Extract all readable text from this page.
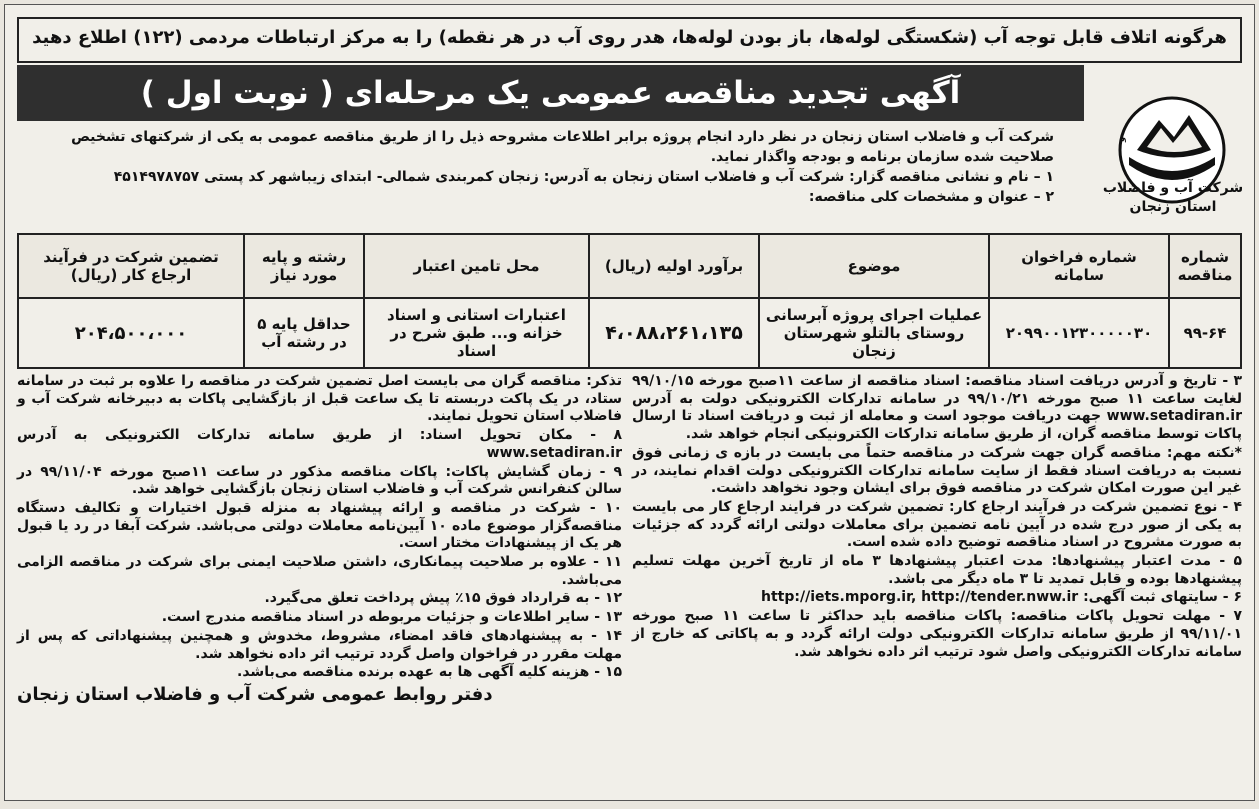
هرگونه اتلاف قابل توجه آب (شکستگی لوله‌ها، باز بودن لوله‌ها، هدر روی آب در هر نقطه) را به مرکز ارتباطات مردمی (۱۲۲) اطلاع دهید
و
آگهی تجدید مناقصه عمومی یک مرحله‌ای ( نوبت اول )
شرکت آب و فاضلاب
استان زنجان

شرکت آب و فاضلاب استان زنجان در نظر دارد انجام پروژه برابر اطلاعات مشروحه ذیل را از طریق مناقصه عمومی به یکی از شرکتهای تشخیص صلاحیت شده سازمان برنامه و بودجه واگذار نماید.

۱ – نام و نشانی مناقصه گزار: شرکت آب و فاضلاب استان زنجان به آدرس: زنجان کمربندی شمالی- ابتدای زیباشهر کد پستی ۴۵۱۴۹۷۸۷۵۷

۲ – عنوان و مشخصات کلی مناقصه:

شماره مناقصه	شماره فراخوان سامانه	موضوع	برآورد اولیه (ریال)	محل تامین اعتبار	رشته و پایه مورد نیاز	تضمین شرکت در فرآیند ارجاع کار (ریال)
۹۹-۶۴	۲۰۹۹۰۰۱۲۳۰۰۰۰۰۳۰	عملیات اجرای پروژه آبرسانی روستای بالتلو شهرستان زنجان	۴،۰۸۸،۲۶۱،۱۳۵	اعتبارات استانی و اسناد خزانه و... طبق شرح در اسناد	حداقل پایه ۵ در رشته آب	۲۰۴،۵۰۰،۰۰۰

۳ - تاریخ و آدرس دریافت اسناد مناقصه: اسناد مناقصه از ساعت ۱۱صبح مورخه ۹۹/۱۰/۱۵ لغایت ساعت ۱۱ صبح مورخه ۹۹/۱۰/۲۱ در سامانه تدارکات الکترونیکی دولت به آدرس www.setadiran.ir جهت دریافت موجود است و معامله از ثبت و دریافت اسناد تا ارسال پاکات توسط مناقصه گران، از طریق سامانه تدارکات الکترونیکی انجام خواهد شد.

*نکته مهم: مناقصه گران جهت شرکت در مناقصه حتماً می بایست در بازه ی زمانی فوق نسبت به دریافت اسناد فقط از سایت سامانه تدارکات الکترونیکی دولت اقدام نمایند، در غیر این صورت امکان شرکت در مناقصه فوق برای ایشان وجود نخواهد داشت.

۴ - نوع تضمین شرکت در فرآیند ارجاع کار: تضمین شرکت در فرایند ارجاع کار می بایست به یکی از صور درج شده در آیین نامه تضمین برای معاملات دولتی ارائه گردد که جزئیات به صورت مشروح در اسناد مناقصه توضیح داده شده است.

۵ - مدت اعتبار پیشنهادها: مدت اعتبار پیشنهادها ۳ ماه از تاریخ آخرین مهلت تسلیم پیشنهادها بوده و قابل تمدید تا ۳ ماه دیگر می باشد.

۶ - سایتهای ثبت آگهی: http://iets.mporg.ir, http://tender.nww.ir

۷ - مهلت تحویل پاکات مناقصه: پاکات مناقصه باید حداکثر تا ساعت ۱۱ صبح مورخه ۹۹/۱۱/۰۱ از طریق سامانه تدارکات الکترونیکی دولت ارائه گردد و به پاکاتی که خارج از سامانه تدارکات الکترونیکی واصل شود ترتیب اثر داده نخواهد شد.

تذکر: مناقصه گران می بایست اصل تضمین شرکت در مناقصه را علاوه بر ثبت در سامانه ستاد، در یک پاکت دربسته تا یک ساعت قبل از بازگشایی پاکات به دبیرخانه شرکت آب و فاضلاب استان تحویل نمایند.

۸ - مکان تحویل اسناد: از طریق سامانه تدارکات الکترونیکی به آدرس www.setadiran.ir

۹ - زمان گشایش پاکات: پاکات مناقصه مذکور در ساعت ۱۱صبح مورخه ۹۹/۱۱/۰۴ در سالن کنفرانس شرکت آب و فاضلاب استان زنجان بازگشایی خواهد شد.

۱۰ - شرکت در مناقصه و ارائه پیشنهاد به منزله قبول اختیارات و تکالیف دستگاه مناقصه‌گزار موضوع ماده ۱۰ آیین‌نامه معاملات دولتی می‌باشد. شرکت آبفا در رد یا قبول هر یک از پیشنهادات مختار است.

۱۱ - علاوه بر صلاحیت پیمانکاری، داشتن صلاحیت ایمنی برای شرکت در مناقصه الزامی می‌باشد.

۱۲ - به قرارداد فوق ۱۵٪ پیش پرداخت تعلق می‌گیرد.

۱۳ - سایر اطلاعات و جزئیات مربوطه در اسناد مناقصه مندرج است.

۱۴ - به پیشنهادهای فاقد امضاء، مشروط، مخدوش و همچنین پیشنهاداتی که پس از مهلت مقرر در فراخوان واصل گردد ترتیب اثر داده نخواهد شد.

۱۵ - هزینه کلیه آگهی ها به عهده برنده مناقصه می‌باشد.

دفتر روابط عمومی شرکت آب و فاضلاب استان زنجان
